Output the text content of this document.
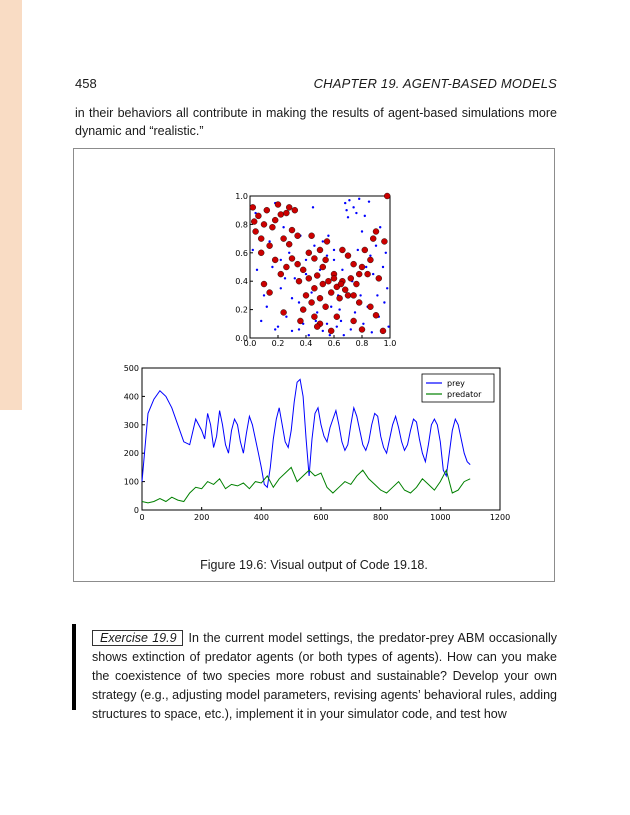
458	CHAPTER 19. AGENT-BASED MODELS
in their behaviors all contribute in making the results of agent-based simulations more dynamic and “realistic.”
0.0 0.2 0.4 0.6 0.8 1.0
0.0
0.2
0.4
0.6
0.8
1.0
0	200	400	600	800	1000	1200
0
100
200
300
400
500
prey
predator
Figure 19.6: Visual output of Code 19.18.
Exercise 19.9 In the current model settings, the predator-prey ABM occasionally shows extinction of predator agents (or both types of agents). How can you make the coexistence of two species more robust and sustainable? Develop your own strategy (e.g., adjusting model parameters, revising agents’ behavioral rules, adding structures to space, etc.), implement it in your simulator code, and test how
